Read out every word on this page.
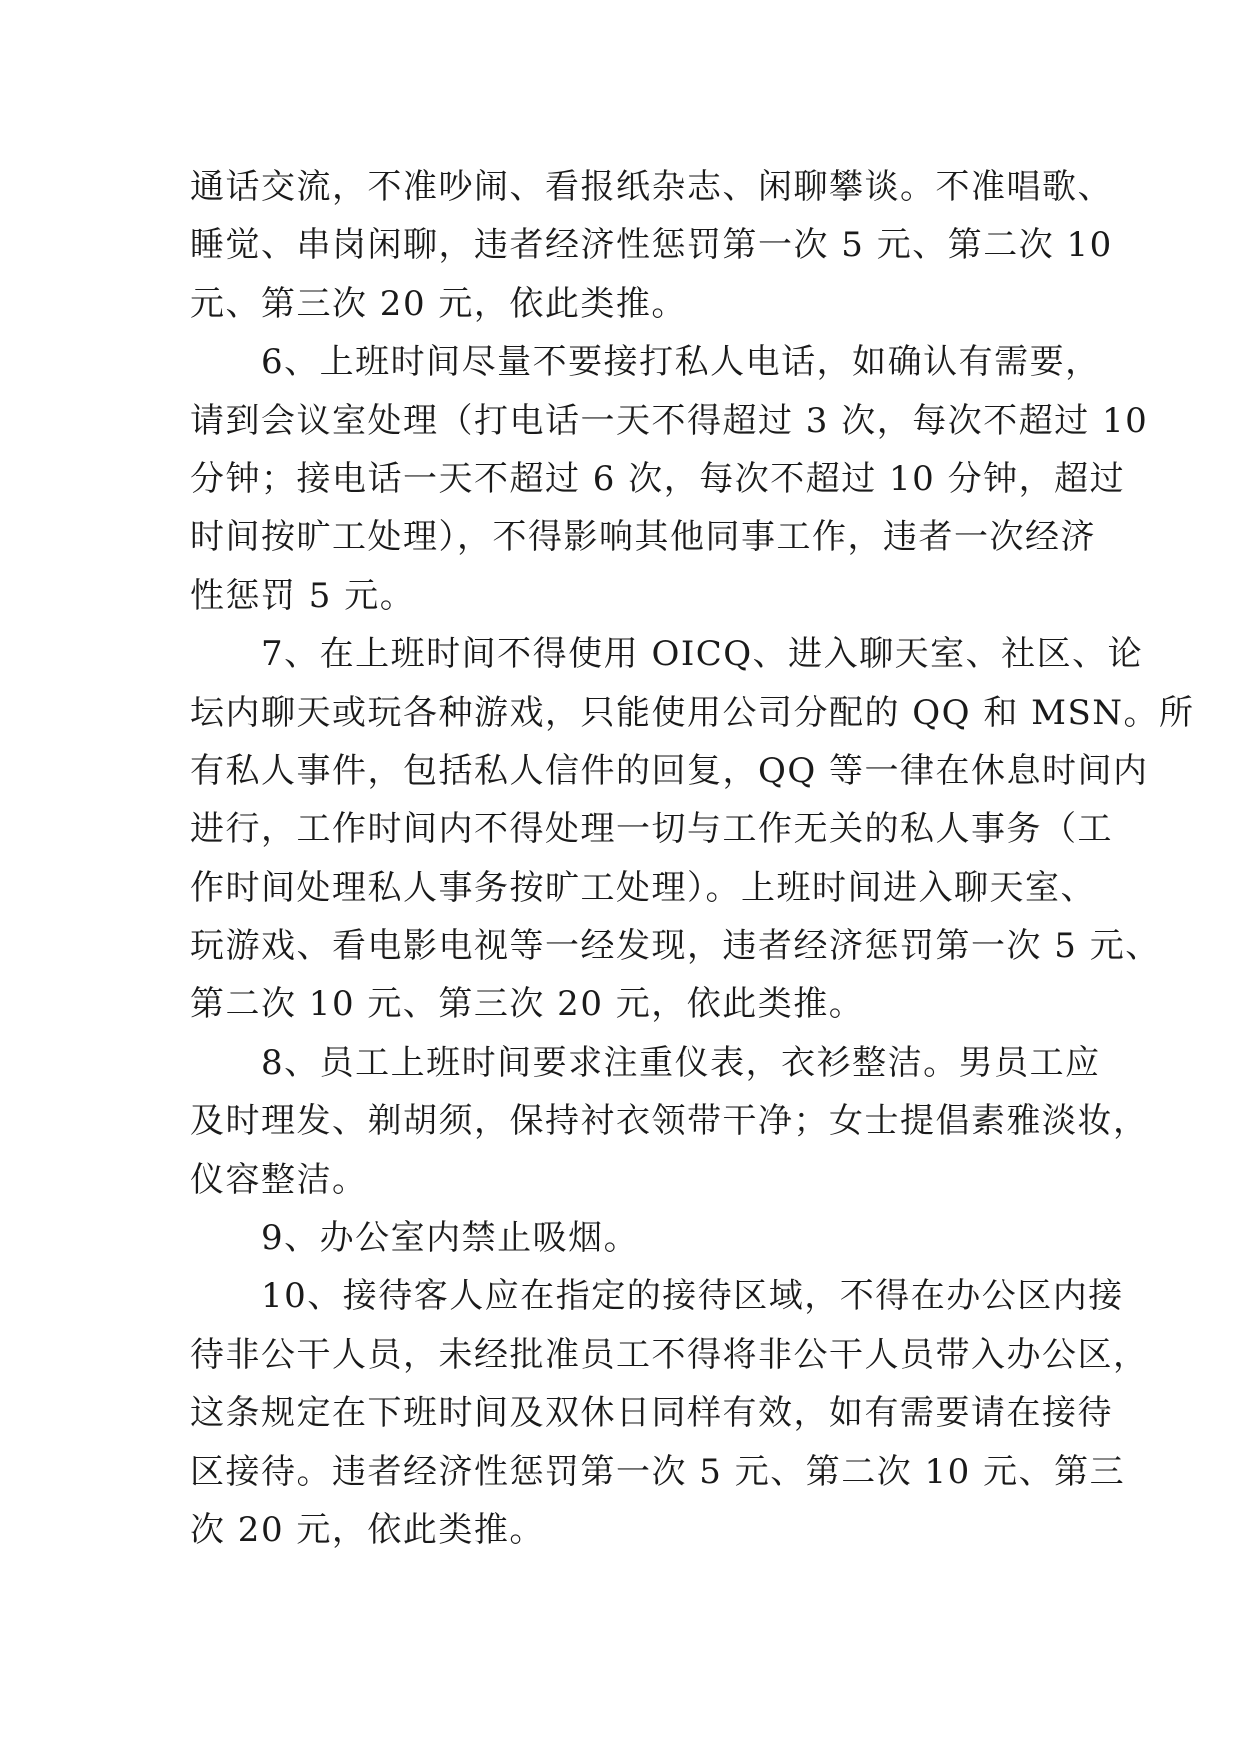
通话交流，不准吵闹、看报纸杂志、闲聊攀谈。不准唱歌、
睡觉、串岗闲聊，违者经济性惩罚第一次 5 元、第二次 10
元、第三次 20 元，依此类推。
　　6、上班时间尽量不要接打私人电话，如确认有需要，
请到会议室处理（打电话一天不得超过 3 次，每次不超过 10
分钟；接电话一天不超过 6 次，每次不超过 10 分钟，超过
时间按旷工处理），不得影响其他同事工作，违者一次经济
性惩罚 5 元。
　　7、在上班时间不得使用 OICQ、进入聊天室、社区、论
坛内聊天或玩各种游戏，只能使用公司分配的 QQ 和 MSN。所
有私人事件，包括私人信件的回复，QQ 等一律在休息时间内
进行，工作时间内不得处理一切与工作无关的私人事务（工
作时间处理私人事务按旷工处理）。上班时间进入聊天室、
玩游戏、看电影电视等一经发现，违者经济惩罚第一次 5 元、
第二次 10 元、第三次 20 元，依此类推。
　　8、员工上班时间要求注重仪表，衣衫整洁。男员工应
及时理发、剃胡须，保持衬衣领带干净；女士提倡素雅淡妆，
仪容整洁。
　　9、办公室内禁止吸烟。
　　10、接待客人应在指定的接待区域，不得在办公区内接
待非公干人员，未经批准员工不得将非公干人员带入办公区，
这条规定在下班时间及双休日同样有效，如有需要请在接待
区接待。违者经济性惩罚第一次 5 元、第二次 10 元、第三
次 20 元，依此类推。
